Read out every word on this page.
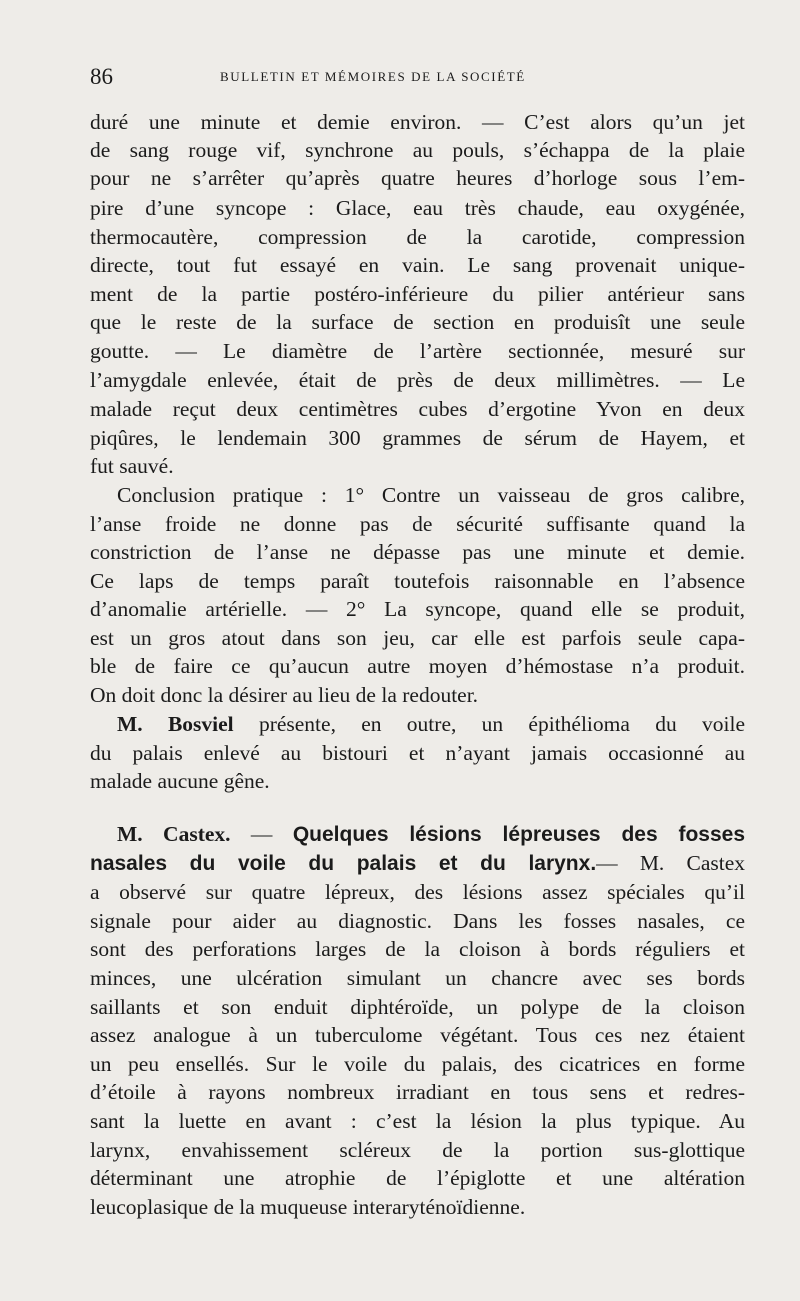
86	BULLETIN ET MÉMOIRES DE LA SOCIÉTÉ
duré une minute et demie environ. — C’est alors qu’un jet
de sang rouge vif, synchrone au pouls, s’échappa de la plaie
pour ne s’arrêter qu’après quatre heures d’horloge sous l’em-
pire d’une syncope : Glace, eau très chaude, eau oxygénée,
thermocautère, compression de la carotide, compression
directe, tout fut essayé en vain. Le sang provenait unique-
ment de la partie postéro-inférieure du pilier antérieur sans
que le reste de la surface de section en produisît une seule
goutte. — Le diamètre de l’artère sectionnée, mesuré sur
l’amygdale enlevée, était de près de deux millimètres. — Le
malade reçut deux centimètres cubes d’ergotine Yvon en deux
piqûres, le lendemain 300 grammes de sérum de Hayem, et
fut sauvé.
Conclusion pratique : 1° Contre un vaisseau de gros calibre,
l’anse froide ne donne pas de sécurité suffisante quand la
constriction de l’anse ne dépasse pas une minute et demie.
Ce laps de temps paraît toutefois raisonnable en l’absence
d’anomalie artérielle. — 2° La syncope, quand elle se produit,
est un gros atout dans son jeu, car elle est parfois seule capa-
ble de faire ce qu’aucun autre moyen d’hémostase n’a produit.
On doit donc la désirer au lieu de la redouter.
M. Bosviel présente, en outre, un épithélioma du voile
du palais enlevé au bistouri et n’ayant jamais occasionné au
malade aucune gêne.
M. Castex. — Quelques lésions lépreuses des fosses
nasales du voile du palais et du larynx.— M. Castex
a observé sur quatre lépreux, des lésions assez spéciales qu’il
signale pour aider au diagnostic. Dans les fosses nasales, ce
sont des perforations larges de la cloison à bords réguliers et
minces, une ulcération simulant un chancre avec ses bords
saillants et son enduit diphtéroïde, un polype de la cloison
assez analogue à un tuberculome végétant. Tous ces nez étaient
un peu ensellés. Sur le voile du palais, des cicatrices en forme
d’étoile à rayons nombreux irradiant en tous sens et redres-
sant la luette en avant : c’est la lésion la plus typique. Au
larynx, envahissement scléreux de la portion sus-glottique
déterminant une atrophie de l’épiglotte et une altération
leucoplasique de la muqueuse interaryténoïdienne.
